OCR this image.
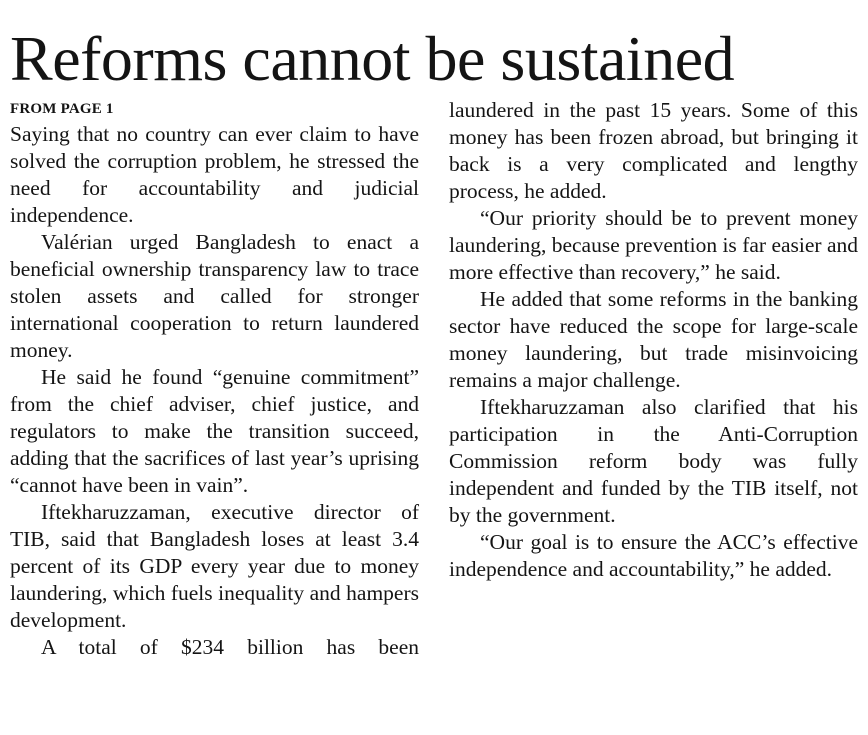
Reforms cannot be sustained
FROM PAGE 1

Saying that no country can ever claim to have solved the corruption problem, he stressed the need for accountability and judicial independence.

Valérian urged Bangladesh to enact a beneficial ownership transparency law to trace stolen assets and called for stronger international cooperation to return laundered money.

He said he found “genuine commitment” from the chief adviser, chief justice, and regulators to make the transition succeed, adding that the sacrifices of last year’s uprising “cannot have been in vain”.

Iftekharuzzaman, executive director of TIB, said that Bangladesh loses at least 3.4 percent of its GDP every year due to money laundering, which fuels inequality and hampers development.

A total of $234 billion has been

laundered in the past 15 years. Some of this money has been frozen abroad, but bringing it back is a very complicated and lengthy process, he added.

“Our priority should be to prevent money laundering, because prevention is far easier and more effective than recovery,” he said.

He added that some reforms in the banking sector have reduced the scope for large-scale money laundering, but trade misinvoicing remains a major challenge.

Iftekharuzzaman also clarified that his participation in the Anti-Corruption Commission reform body was fully independent and funded by the TIB itself, not by the government.

“Our goal is to ensure the ACC’s effective independence and accountability,” he added.
